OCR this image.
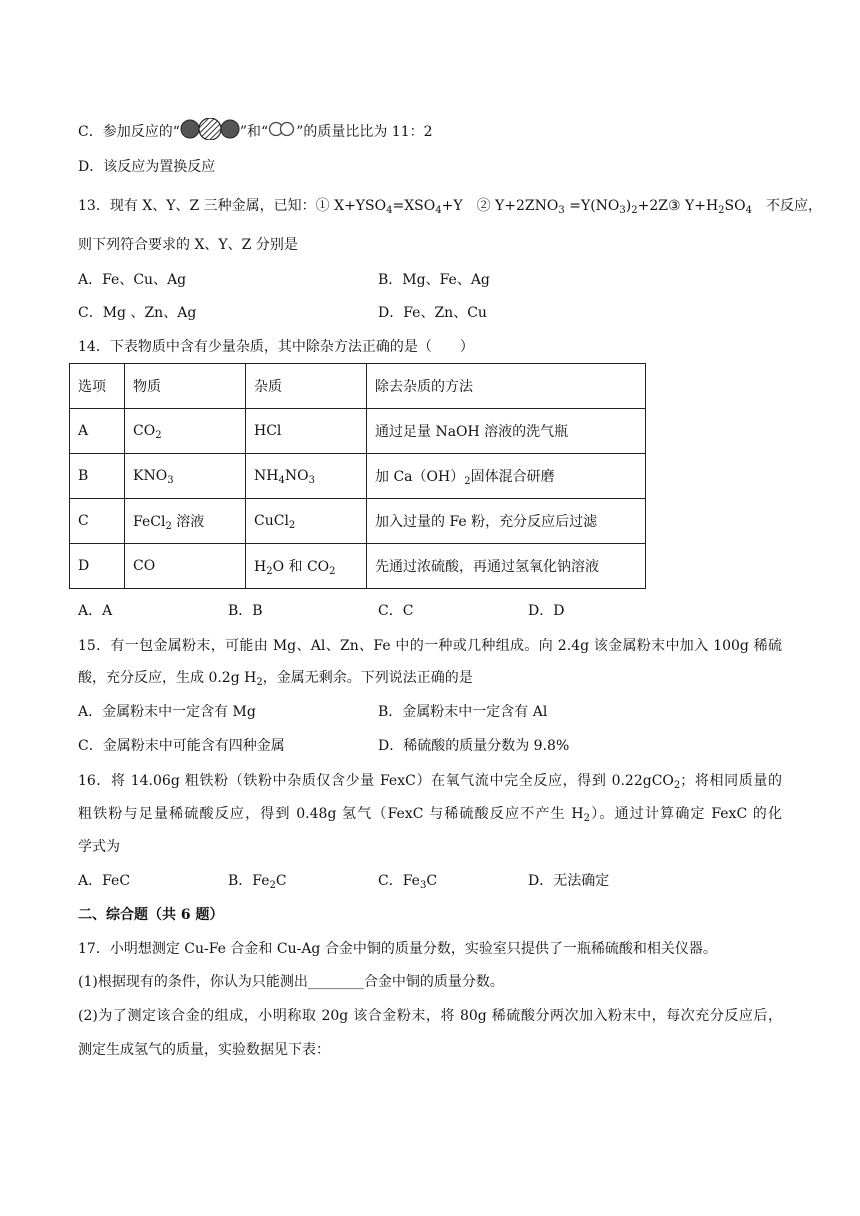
C．参加反应的“	”和“ ”的质量比比为 11：2
D．该反应为置换反应
13．现有 X、Y、Z 三种金属，已知：① $X+YSO_4=XSO_4+Y$　② $Y+2ZNO_3$ $=Y(NO_3)_2+2Z③$ $Y+H_2SO_4$　不反应，
则下列符合要求的 X、Y、Z 分别是
A．Fe、Cu、Ag	B．Mg、Fe、Ag
C．Mg 、Zn、Ag	D．Fe、Zn、Cu
14．下表物质中含有少量杂质，其中除杂方法正确的是（　　）
选项	物质	杂质	除去杂质的方法
A	$CO_2$	HCl	通过足量 NaOH 溶液的洗气瓶
B	$KNO_3$	$NH_4NO_3$	加 $Ca(OH)_2$固体混合研磨
C	FeCl$_2$ 溶液	CuCl$_2$	加入过量的 Fe 粉，充分反应后过滤
D	CO	$H_2O$ 和 $CO_2$	先通过浓硫酸，再通过氢氧化钠溶液
A．A	B．B	C．C	D．D
15．有一包金属粉末，可能由 Mg、Al、Zn、Fe 中的一种或几种组成。向 2.4g 该金属粉末中加入 100g 稀硫
酸，充分反应，生成 0.2g $H_2$，金属无剩余。下列说法正确的是
A．金属粉末中一定含有 Mg	B．金属粉末中一定含有 Al
C．金属粉末中可能含有四种金属	D．稀硫酸的质量分数为 9.8%
16．将 14.06g 粗铁粉（铁粉中杂质仅含少量 FexC）在氧气流中完全反应，得到 0.22gCO$_2$；将相同质量的
粗铁粉与足量稀硫酸反应，得到 0.48g 氢气（FexC 与稀硫酸反应不产生 $H_2$）。通过计算确定 FexC 的化
学式为
A．FeC	B．$Fe_2C$	C．$Fe_3C$	D．无法确定
二、综合题（共 6 题）
17．小明想测定 Cu-Fe 合金和 Cu-Ag 合金中铜的质量分数，实验室只提供了一瓶稀硫酸和相关仪器。
(1)根据现有的条件，你认为只能测出________合金中铜的质量分数。
(2)为了测定该合金的组成，小明称取 20g 该合金粉末，将 80g 稀硫酸分两次加入粉末中，每次充分反应后，
测定生成氢气的质量，实验数据见下表：
